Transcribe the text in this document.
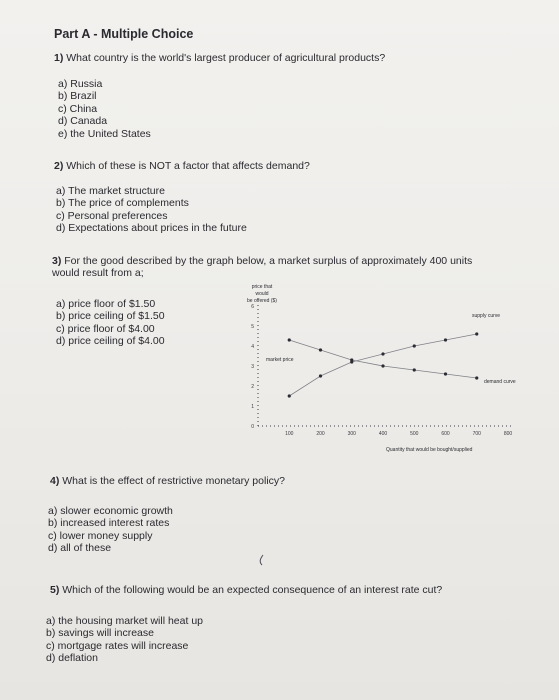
Part A - Multiple Choice
1) What country is the world's largest producer of agricultural products?
a) Russia
b) Brazil
c) China
d) Canada
e) the United States
2) Which of these is NOT a factor that affects demand?
a) The market structure
b) The price of complements
c) Personal preferences
d) Expectations about prices in the future
3) For the good described by the graph below, a market surplus of approximately 400 units
would result from a;
a) price floor of $1.50
b) price ceiling of $1.50
c) price floor of $4.00
d) price ceiling of $4.00
price that
would
be offered ($)
1
2
3
4
5
6
0
100	200	300	400	500	600	700	800
market price
supply curve
demand curve
Quantity that would be bought/supplied
4) What is the effect of restrictive monetary policy?
a) slower economic growth
b) increased interest rates
c) lower money supply
d) all of these
5) Which of the following would be an expected consequence of an interest rate cut?
a) the housing market will heat up
b) savings will increase
c) mortgage rates will increase
d) deflation
